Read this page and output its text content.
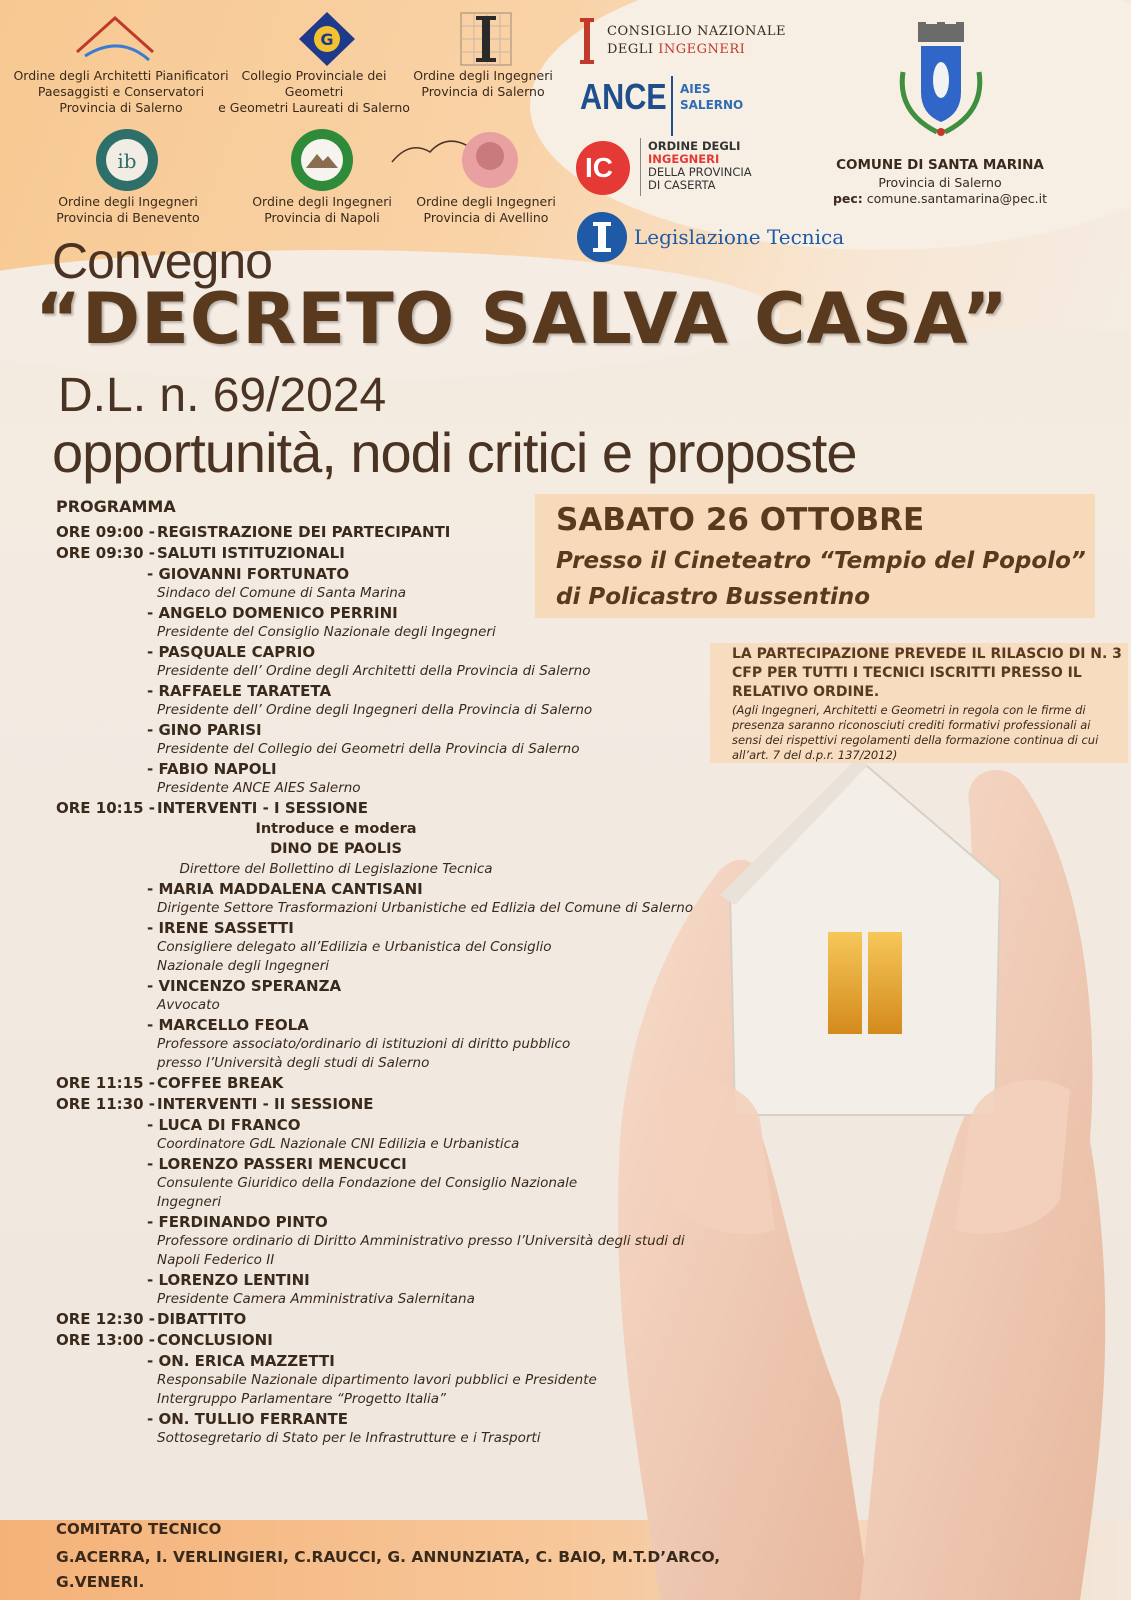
Ordine degli Architetti Pianificatori
Paesaggisti e Conservatori
Provincia di Salerno
G
Collegio Provinciale dei
Geometri
e Geometri Laureati di Salerno
Ordine degli Ingegneri
Provincia di Salerno
ib
Ordine degli Ingegneri
Provincia di Benevento
Ordine degli Ingegneri
Provincia di Napoli
Ordine degli Ingegneri
Provincia di Avellino
CONSIGLIO NAZIONALE
DEGLI INGEGNERI
ANCE AIES
SALERNO
IC
ORDINE DEGLI
INGEGNERI
DELLA PROVINCIA
DI CASERTA
Legislazione Tecnica
COMUNE DI SANTA MARINA
Provincia di Salerno
pec: comune.santamarina@pec.it
Convegno
“DECRETO SALVA CASA”
D.L. n. 69/2024
opportunità, nodi critici e proposte
SABATO 26 OTTOBRE
Presso il Cineteatro “Tempio del Popolo”
di Policastro Bussentino
LA PARTECIPAZIONE PREVEDE IL RILASCIO DI N. 3 CFP PER TUTTI I TECNICI ISCRITTI PRESSO IL RELATIVO ORDINE.
(Agli Ingegneri, Architetti e Geometri in regola con le firme di presenza saranno riconosciuti crediti formativi professionali ai sensi dei rispettivi regolamenti della formazione continua di cui all’art. 7 del d.p.r. 137/2012)
PROGRAMMA
ORE 09:00 - REGISTRAZIONE DEI PARTECIPANTI
ORE 09:30 - SALUTI ISTITUZIONALI
- GIOVANNI FORTUNATO
Sindaco del Comune di Santa Marina
- ANGELO DOMENICO PERRINI
Presidente del Consiglio Nazionale degli Ingegneri
- PASQUALE CAPRIO
Presidente dell’ Ordine degli Architetti della Provincia di Salerno
- RAFFAELE TARATETA
Presidente dell’ Ordine degli Ingegneri della Provincia di Salerno
- GINO PARISI
Presidente del Collegio dei Geometri della Provincia di Salerno
- FABIO NAPOLI
Presidente ANCE AIES Salerno
ORE 10:15 - INTERVENTI - I SESSIONE
Introduce e modera
DINO DE PAOLIS
Direttore del Bollettino di Legislazione Tecnica
- MARIA MADDALENA CANTISANI
Dirigente Settore Trasformazioni Urbanistiche ed Edlizia del Comune di Salerno
- IRENE SASSETTI
Consigliere delegato all’Edilizia e Urbanistica del Consiglio
Nazionale degli Ingegneri
- VINCENZO SPERANZA
Avvocato
- MARCELLO FEOLA
Professore associato/ordinario di istituzioni di diritto pubblico
presso l’Università degli studi di Salerno
ORE 11:15 - COFFEE BREAK
ORE 11:30 - INTERVENTI - II SESSIONE
- LUCA DI FRANCO
Coordinatore GdL Nazionale CNI Edilizia e Urbanistica
- LORENZO PASSERI MENCUCCI
Consulente Giuridico della Fondazione del Consiglio Nazionale
Ingegneri
- FERDINANDO PINTO
Professore ordinario di Diritto Amministrativo presso l’Università degli studi di
Napoli Federico II
- LORENZO LENTINI
Presidente Camera Amministrativa Salernitana
ORE 12:30 - DIBATTITO
ORE 13:00 - CONCLUSIONI
- ON. ERICA MAZZETTI
Responsabile Nazionale dipartimento lavori pubblici e Presidente
Intergruppo Parlamentare “Progetto Italia”
- ON. TULLIO FERRANTE
Sottosegretario di Stato per le Infrastrutture e i Trasporti
COMITATO TECNICO
G.ACERRA, I. VERLINGIERI, C.RAUCCI, G. ANNUNZIATA, C. BAIO, M.T.D’ARCO, G.VENERI.
